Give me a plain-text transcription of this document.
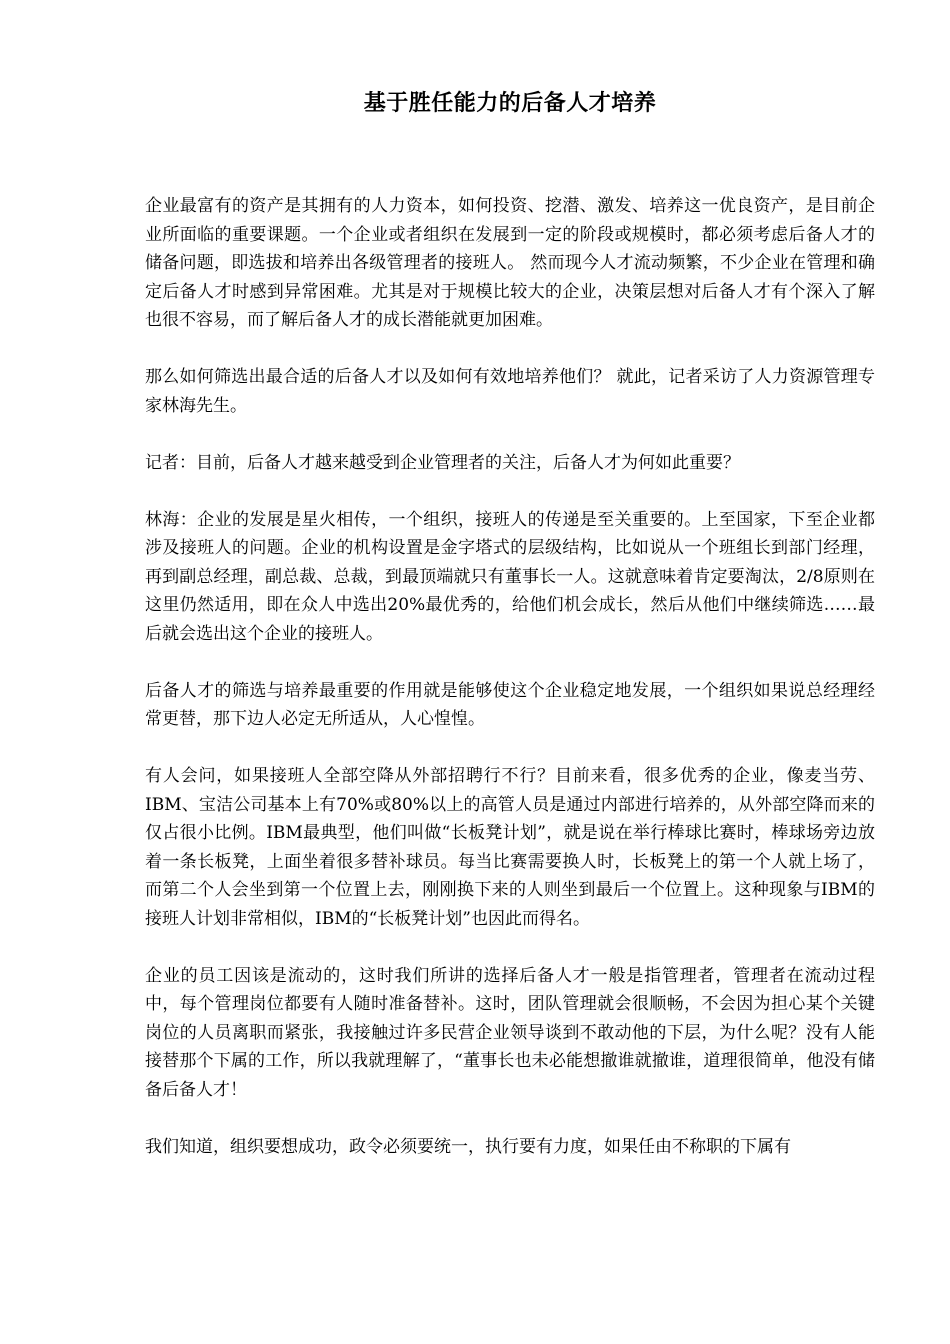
基于胜任能力的后备人才培养

企业最富有的资产是其拥有的人力资本，如何投资、挖潜、激发、培养这一优良资产，是目前企业所面临的重要课题。一个企业或者组织在发展到一定的阶段或规模时，都必须考虑后备人才的储备问题，即选拔和培养出各级管理者的接班人。 然而现今人才流动频繁，不少企业在管理和确定后备人才时感到异常困难。尤其是对于规模比较大的企业，决策层想对后备人才有个深入了解也很不容易，而了解后备人才的成长潜能就更加困难。

那么如何筛选出最合适的后备人才以及如何有效地培养他们？ 就此，记者采访了人力资源管理专家林海先生。

记者：目前，后备人才越来越受到企业管理者的关注，后备人才为何如此重要？

林海：企业的发展是星火相传，一个组织，接班人的传递是至关重要的。上至国家，下至企业都涉及接班人的问题。企业的机构设置是金字塔式的层级结构，比如说从一个班组长到部门经理，再到副总经理，副总裁、总裁，到最顶端就只有董事长一人。这就意味着肯定要淘汰，2/8原则在这里仍然适用，即在众人中选出20%最优秀的，给他们机会成长，然后从他们中继续筛选……最后就会选出这个企业的接班人。

后备人才的筛选与培养最重要的作用就是能够使这个企业稳定地发展，一个组织如果说总经理经常更替，那下边人必定无所适从，人心惶惶。

有人会问，如果接班人全部空降从外部招聘行不行？目前来看，很多优秀的企业，像麦当劳、IBM、宝洁公司基本上有70%或80%以上的高管人员是通过内部进行培养的，从外部空降而来的仅占很小比例。IBM最典型，他们叫做“长板凳计划”，就是说在举行棒球比赛时，棒球场旁边放着一条长板凳，上面坐着很多替补球员。每当比赛需要换人时，长板凳上的第一个人就上场了，而第二个人会坐到第一个位置上去，刚刚换下来的人则坐到最后一个位置上。这种现象与IBM的接班人计划非常相似，IBM的“长板凳计划”也因此而得名。

企业的员工因该是流动的，这时我们所讲的选择后备人才一般是指管理者，管理者在流动过程中，每个管理岗位都要有人随时准备替补。这时，团队管理就会很顺畅，不会因为担心某个关键岗位的人员离职而紧张，我接触过许多民营企业领导谈到不敢动他的下层，为什么呢？没有人能接替那个下属的工作，所以我就理解了，“董事长也未必能想撤谁就撤谁，道理很简单，他没有储备后备人才！

我们知道，组织要想成功，政令必须要统一，执行要有力度，如果任由不称职的下属有
